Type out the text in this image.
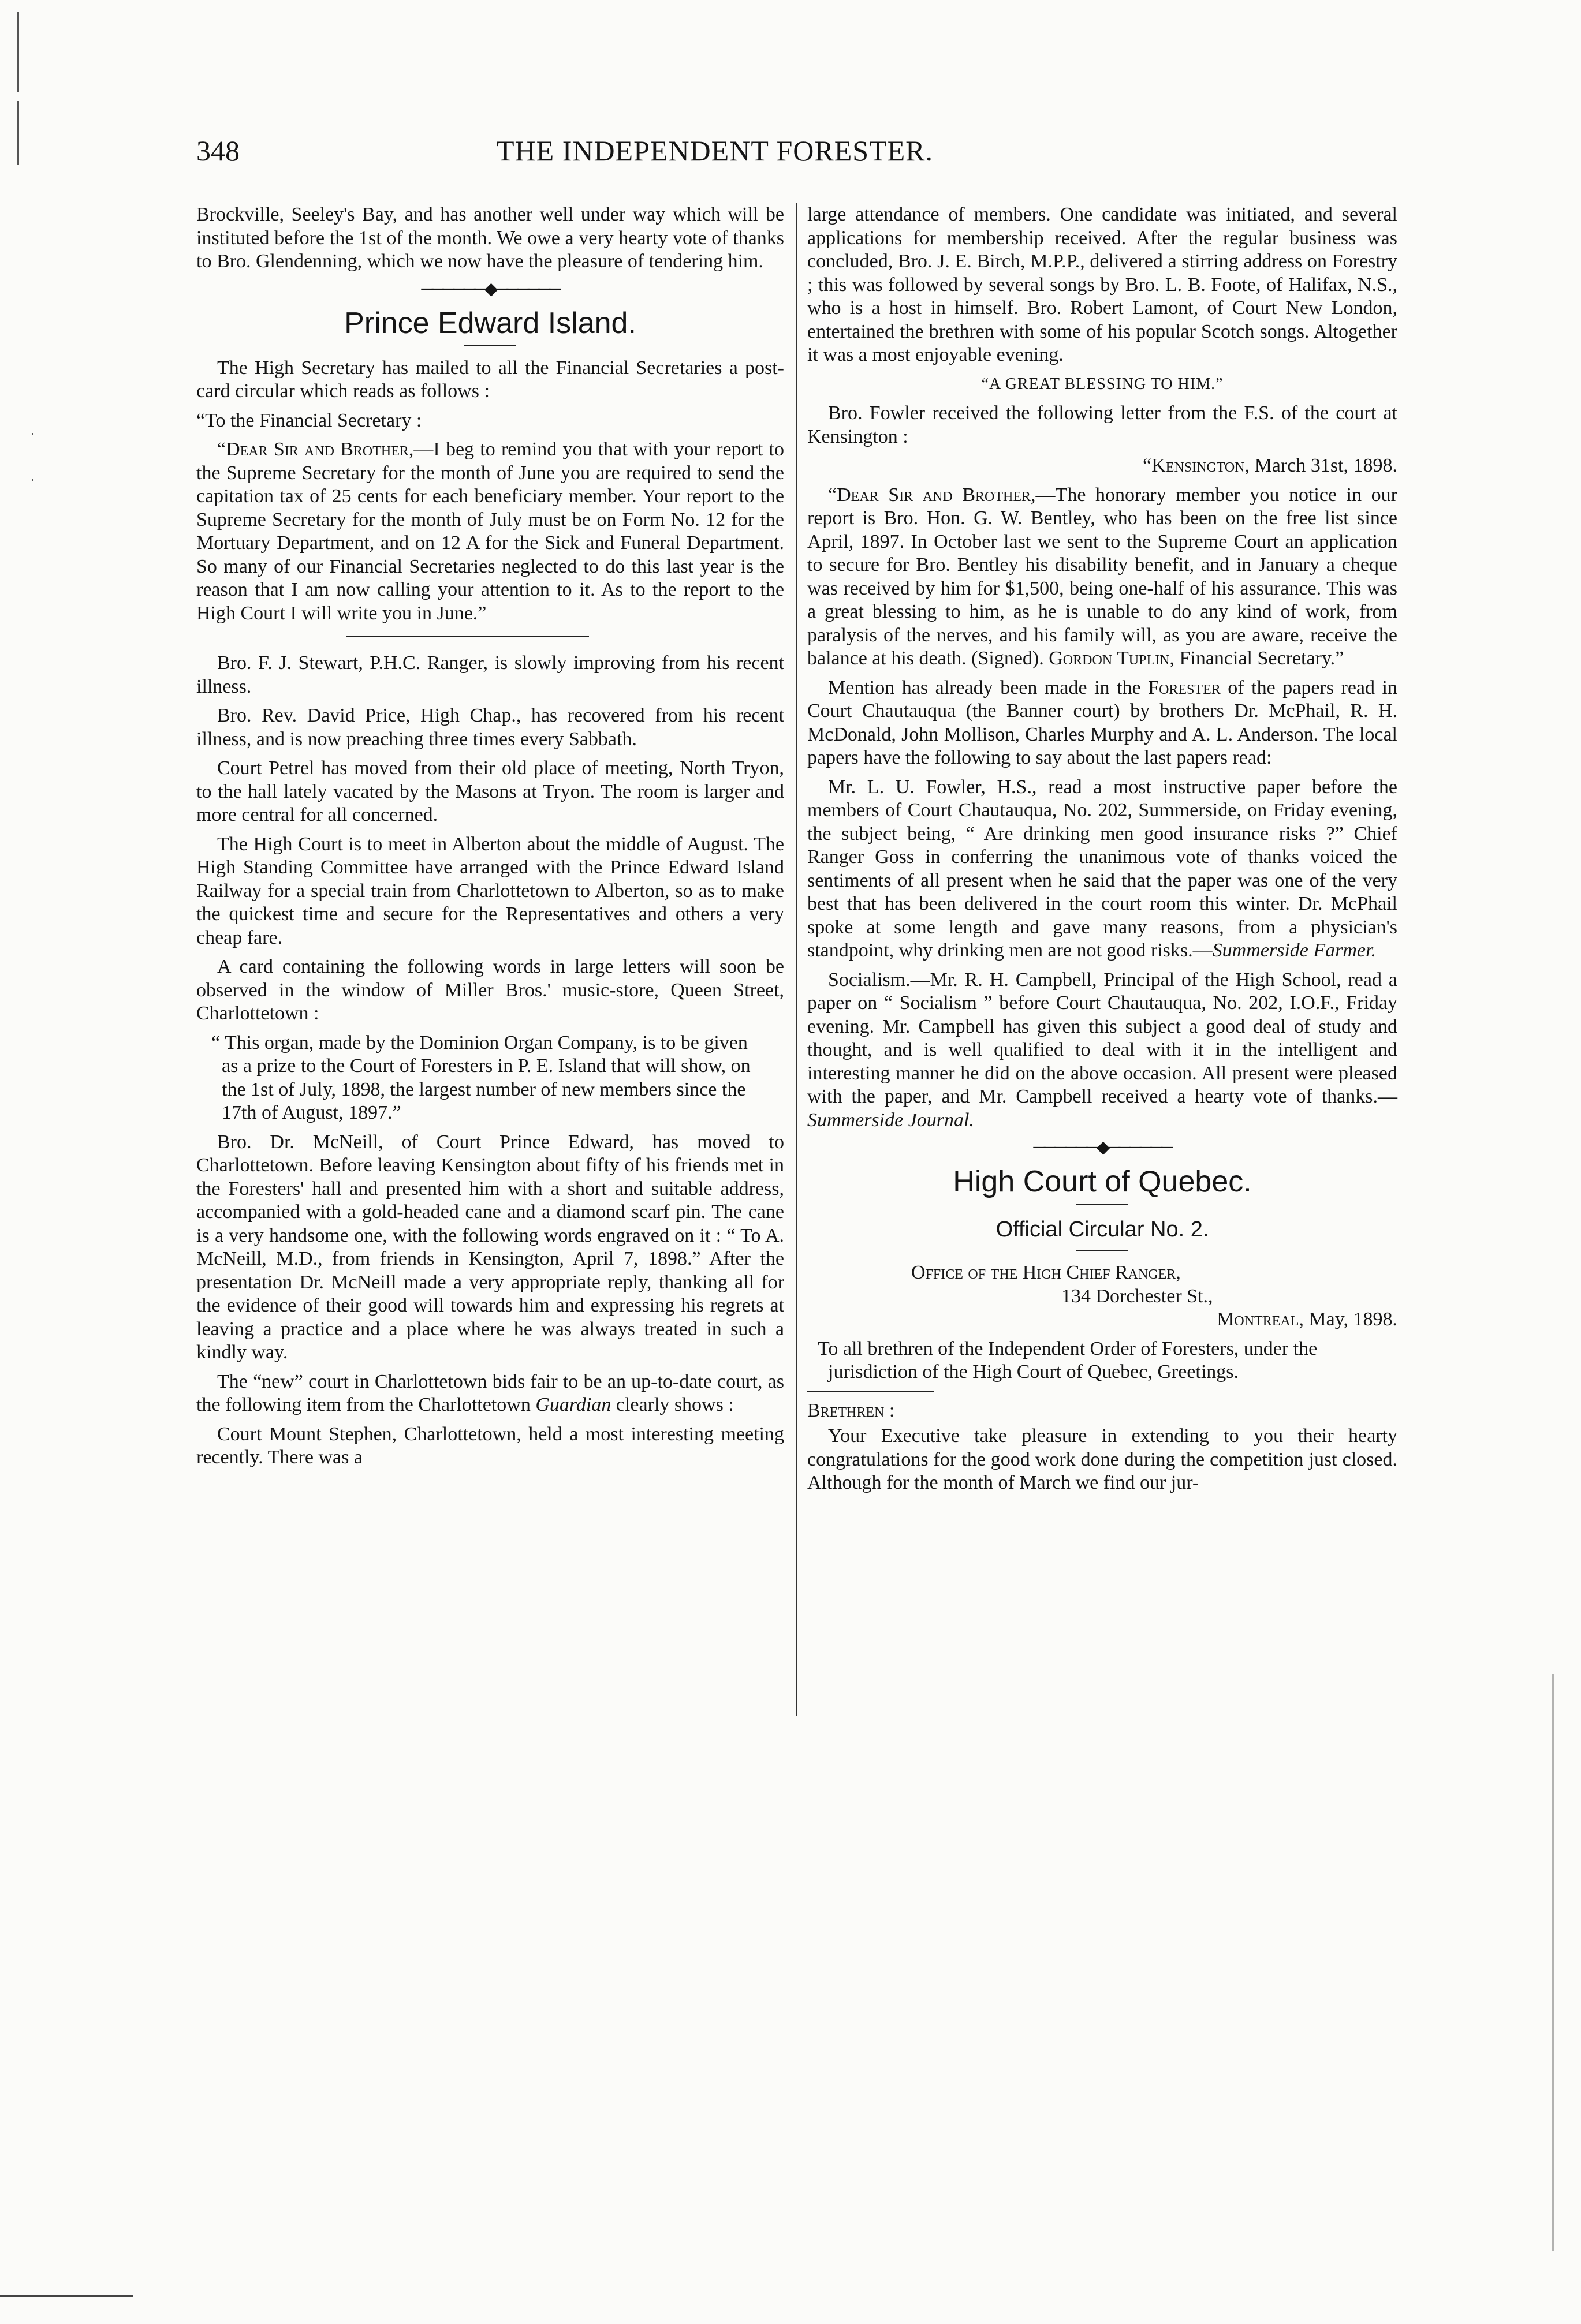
348	THE INDEPENDENT FORESTER.

Brockville, Seeley's Bay, and has another well under way which will be instituted before the 1st of the month. We owe a very hearty vote of thanks to Bro. Glendenning, which we now have the pleasure of tendering him.

──────◆──────
Prince Edward Island.

The High Secretary has mailed to all the Financial Secretaries a post-card circular which reads as follows :

“To the Financial Secretary :

“Dear Sir and Brother,—I beg to remind you that with your report to the Supreme Secretary for the month of June you are required to send the capitation tax of 25 cents for each beneficiary member. Your report to the Supreme Secretary for the month of July must be on Form No. 12 for the Mortuary Department, and on 12 A for the Sick and Funeral Department. So many of our Financial Secretaries neglected to do this last year is the reason that I am now calling your attention to it. As to the report to the High Court I will write you in June.”

Bro. F. J. Stewart, P.H.C. Ranger, is slowly improving from his recent illness.

Bro. Rev. David Price, High Chap., has recovered from his recent illness, and is now preaching three times every Sabbath.

Court Petrel has moved from their old place of meeting, North Tryon, to the hall lately vacated by the Masons at Tryon. The room is larger and more central for all concerned.

The High Court is to meet in Alberton about the middle of August. The High Standing Committee have arranged with the Prince Edward Island Railway for a special train from Charlottetown to Alberton, so as to make the quickest time and secure for the Representatives and others a very cheap fare.

A card containing the following words in large letters will soon be observed in the window of Miller Bros.' music-store, Queen Street, Charlottetown :

“ This organ, made by the Dominion Organ Company, is to be given as a prize to the Court of Foresters in P. E. Island that will show, on the 1st of July, 1898, the largest number of new members since the 17th of August, 1897.”

Bro. Dr. McNeill, of Court Prince Edward, has moved to Charlottetown. Before leaving Kensington about fifty of his friends met in the Foresters' hall and presented him with a short and suitable address, accompanied with a gold-headed cane and a diamond scarf pin. The cane is a very handsome one, with the following words engraved on it : “ To A. McNeill, M.D., from friends in Kensington, April 7, 1898.” After the presentation Dr. McNeill made a very appropriate reply, thanking all for the evidence of their good will towards him and expressing his regrets at leaving a practice and a place where he was always treated in such a kindly way.

The “new” court in Charlottetown bids fair to be an up-to-date court, as the following item from the Charlottetown Guardian clearly shows :

Court Mount Stephen, Charlottetown, held a most interesting meeting recently. There was a

large attendance of members. One candidate was initiated, and several applications for membership received. After the regular business was concluded, Bro. J. E. Birch, M.P.P., delivered a stirring address on Forestry ; this was followed by several songs by Bro. L. B. Foote, of Halifax, N.S., who is a host in himself. Bro. Robert Lamont, of Court New London, entertained the brethren with some of his popular Scotch songs. Altogether it was a most enjoyable evening.

“A GREAT BLESSING TO HIM.”

Bro. Fowler received the following letter from the F.S. of the court at Kensington :

“Kensington, March 31st, 1898.

“Dear Sir and Brother,—The honorary member you notice in our report is Bro. Hon. G. W. Bentley, who has been on the free list since April, 1897. In October last we sent to the Supreme Court an application to secure for Bro. Bentley his disability benefit, and in January a cheque was received by him for $1,500, being one-half of his assurance. This was a great blessing to him, as he is unable to do any kind of work, from paralysis of the nerves, and his family will, as you are aware, receive the balance at his death. (Signed). Gordon Tuplin, Financial Secretary.”

Mention has already been made in the Forester of the papers read in Court Chautauqua (the Banner court) by brothers Dr. McPhail, R. H. McDonald, John Mollison, Charles Murphy and A. L. Anderson. The local papers have the following to say about the last papers read:

Mr. L. U. Fowler, H.S., read a most instructive paper before the members of Court Chautauqua, No. 202, Summerside, on Friday evening, the subject being, “ Are drinking men good insurance risks ?” Chief Ranger Goss in conferring the unanimous vote of thanks voiced the sentiments of all present when he said that the paper was one of the very best that has been delivered in the court room this winter. Dr. McPhail spoke at some length and gave many reasons, from a physician's standpoint, why drinking men are not good risks.—Summerside Farmer.

Socialism.—Mr. R. H. Campbell, Principal of the High School, read a paper on “ Socialism ” before Court Chautauqua, No. 202, I.O.F., Friday evening. Mr. Campbell has given this subject a good deal of study and thought, and is well qualified to deal with it in the intelligent and interesting manner he did on the above occasion. All present were pleased with the paper, and Mr. Campbell received a hearty vote of thanks.—Summerside Journal.

──────◆──────
High Court of Quebec.
Official Circular No. 2.

Office of the High Chief Ranger,

134 Dorchester St.,

Montreal, May, 1898.

To all brethren of the Independent Order of Foresters, under the jurisdiction of the High Court of Quebec, Greetings.

Brethren :

Your Executive take pleasure in extending to you their hearty congratulations for the good work done during the competition just closed. Although for the month of March we find our jur-
